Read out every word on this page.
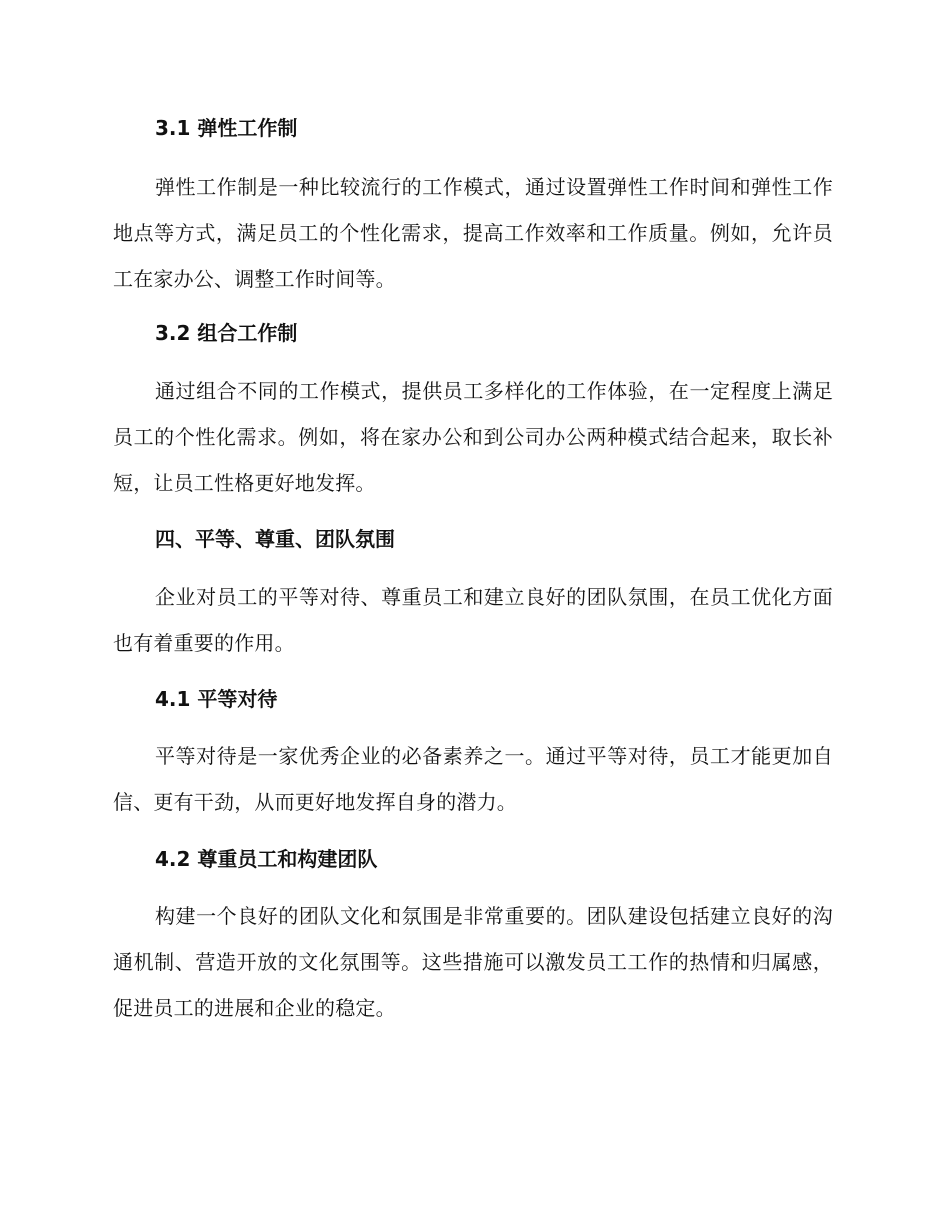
3.1 弹性工作制

弹性工作制是一种比较流行的工作模式，通过设置弹性工作时间和弹性工作地点等方式，满足员工的个性化需求，提高工作效率和工作质量。例如，允许员工在家办公、调整工作时间等。

3.2 组合工作制

通过组合不同的工作模式，提供员工多样化的工作体验，在一定程度上满足员工的个性化需求。例如，将在家办公和到公司办公两种模式结合起来，取长补短，让员工性格更好地发挥。

四、平等、尊重、团队氛围

企业对员工的平等对待、尊重员工和建立良好的团队氛围，在员工优化方面也有着重要的作用。

4.1 平等对待

平等对待是一家优秀企业的必备素养之一。通过平等对待，员工才能更加自信、更有干劲，从而更好地发挥自身的潜力。

4.2 尊重员工和构建团队

构建一个良好的团队文化和氛围是非常重要的。团队建设包括建立良好的沟通机制、营造开放的文化氛围等。这些措施可以激发员工工作的热情和归属感，促进员工的进展和企业的稳定。
